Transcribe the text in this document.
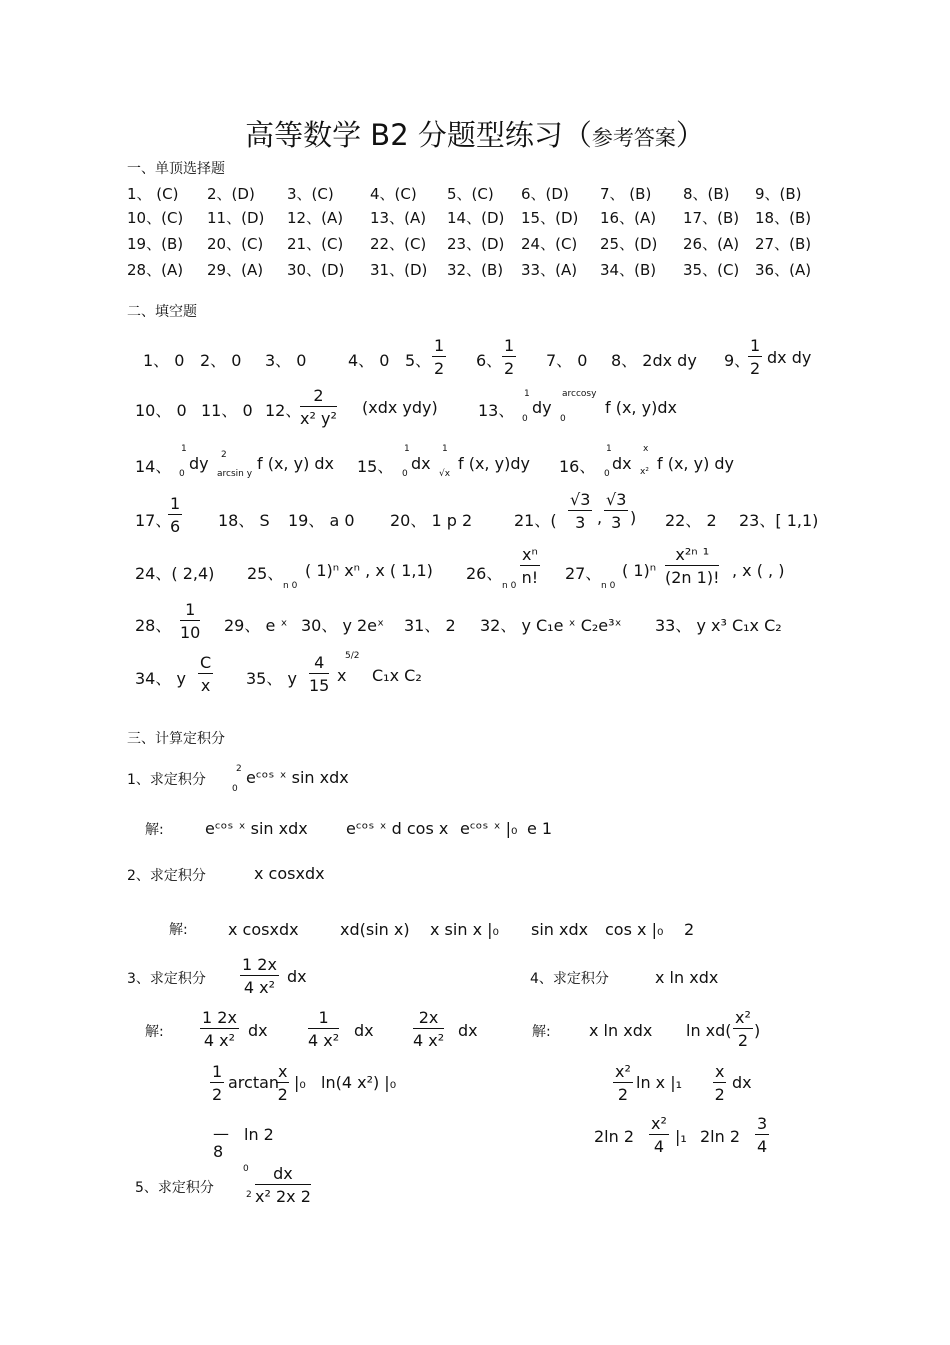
高等数学 B2 分题型练习（参考答案）
一、单顶选择题
1、 (C) 2、(D) 3、(C) 4、(C) 5、(C) 6、(D) 7、 (B) 8、(B) 9、(B)
10、(C) 11、(D) 12、(A) 13、(A) 14、(D) 15、(D) 16、(A) 17、(B) 18、(B)
19、(B) 20、(C) 21、(C) 22、(C) 23、(D) 24、(C) 25、(D) 26、(A) 27、(B)
28、(A) 29、(A) 30、(D) 31、(D) 32、(B) 33、(A) 34、(B) 35、(C) 36、(A)
二、填空题
1、 0 2、 0 3、 0	4、 0 5、 $\frac{1}{2} 6$、 $\frac{1}{2} 7$、 0 8、 2dx dy 9、
$\frac{1}{2}$ dx dy
10、 0 11、 0 12、
$\frac{2}{\text{x² y²}} (xdx$ ydy)	13、
1
0
dy
arccosy
0
f (x, y)dx
14、
1
0
dy 2
arcsin y
f (x, y) dx 15、
1
0
dx
1
√x
f (x, y)dy 16、
1
0
dx
x
x² f (x, y) dy
17、
$\frac{1}{6} 18$、 S 19、 a 0 20、 1 p 2	21、( $\frac{√3}{3}$ , $\frac{√3}{3}$ ) 22、 2 23、[ 1,1)
24、( 2,4) 25、
n 0
( 1)ⁿ xⁿ , x ( 1,1) 26、
n $0 \frac{\text{xⁿ}}{n!} 27$、
n 0
( $1)^n \frac{\text{x²ⁿ ¹}}{(2n 1)!}$ , x ( , )
28、 $\frac{1}{10} 29$、 e ˣ 30、 y 2eˣ 31、 2 32、 y C₁e ˣ C₂e³ˣ 33、 y x³ C₁x C₂
34、 y $\frac{C}{x} 35$、 y $\frac{4}{15}$ x
5/2
C₁x C₂
三、计算定积分
1、求定积分
2
0
eᶜᵒˢ ˣ sin xdx
解:	eᶜᵒˢ ˣ sin xdx eᶜᵒˢ ˣ d cos x eᶜᵒˢ ˣ |₀ e 1
2、求定积分	x cosxdx
解:	x cosxdx	xd(sin x) x sin x |₀ sin xdx cos x |₀ 2
3、求定积分 $\frac{1 2x}{\text{4 x²}}$ dx
解: $\frac{1 2x}{\text{4 x²}}$ dx	$\frac{1}{\text{4 x²}}$ dx $\frac{2x}{\text{4 x²}}$ dx
$\frac{1}{2}$ arctan
$\frac{x}{2} |_0$ ln(4 x²) |₀
—
8
ln 2
4、求定积分	x ln xdx
解: x ln xdx $\ln xd( \frac{\text{x²}}{2}$ )
$\frac{\text{x²}}{2}$ ln x $|_1 \frac{x}{2}$ dx
2ln $2 \frac{\text{x²}}{4} |_1$ 2ln $2 \frac{3}{4}$
5、求定积分
0
$2 \frac{dx}{\text{x² 2x 2}}$
